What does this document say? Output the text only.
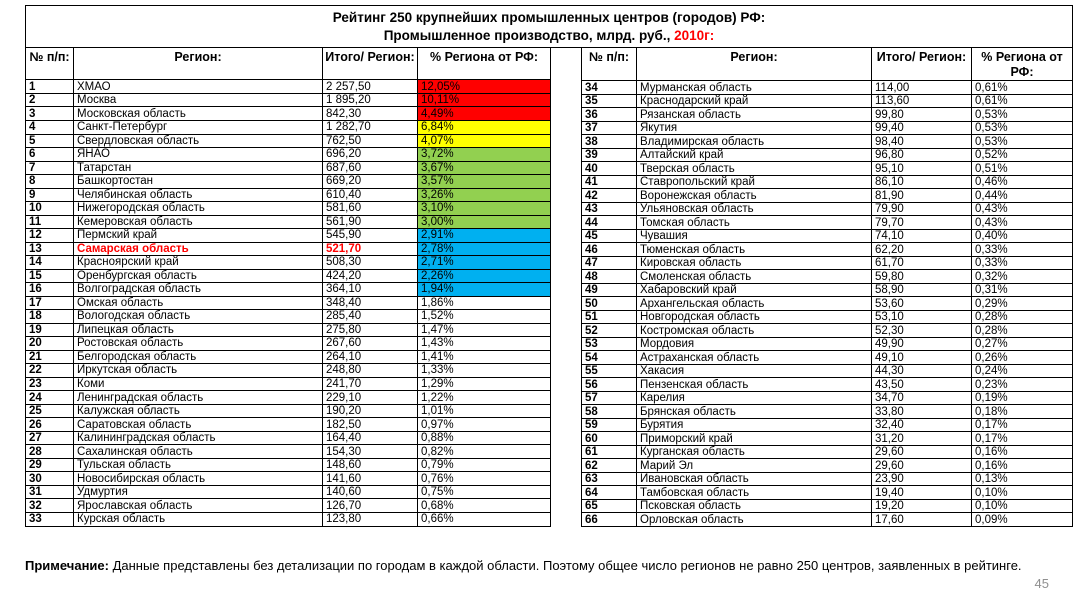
Рейтинг 250 крупнейших промышленных центров (городов) РФ:
Промышленное производство, млрд. руб., 2010г:
№ п/п:	Регион:	Итого/ Регион:	% Региона от РФ:
1	ХМАО	2 257,50	12,05%
2	Москва	1 895,20	10,11%
3	Московская область	842,30	4,49%
4	Санкт-Петербург	1 282,70	6,84%
5	Свердловская область	762,50	4,07%
6	ЯНАО	696,20	3,72%
7	Татарстан	687,60	3,67%
8	Башкортостан	669,20	3,57%
9	Челябинская область	610,40	3,26%
10	Нижегородская область	581,60	3,10%
11	Кемеровская область	561,90	3,00%
12	Пермский край	545,90	2,91%
13	Самарская область	521,70	2,78%
14	Красноярский край	508,30	2,71%
15	Оренбургская область	424,20	2,26%
16	Волгоградская область	364,10	1,94%
17	Омская область	348,40	1,86%
18	Вологодская область	285,40	1,52%
19	Липецкая область	275,80	1,47%
20	Ростовская область	267,60	1,43%
21	Белгородская область	264,10	1,41%
22	Иркутская область	248,80	1,33%
23	Коми	241,70	1,29%
24	Ленинградская область	229,10	1,22%
25	Калужская область	190,20	1,01%
26	Саратовская область	182,50	0,97%
27	Калининградская область	164,40	0,88%
28	Сахалинская область	154,30	0,82%
29	Тульская область	148,60	0,79%
30	Новосибирская область	141,60	0,76%
31	Удмуртия	140,60	0,75%
32	Ярославская область	126,70	0,68%
33	Курская область	123,80	0,66%
№ п/п:	Регион:	Итого/ Регион:	% Региона от РФ:
34	Мурманская область	114,00	0,61%
35	Краснодарский край	113,60	0,61%
36	Рязанская область	99,80	0,53%
37	Якутия	99,40	0,53%
38	Владимирская область	98,40	0,53%
39	Алтайский край	96,80	0,52%
40	Тверская область	95,10	0,51%
41	Ставропольский край	86,10	0,46%
42	Воронежская область	81,90	0,44%
43	Ульяновская область	79,90	0,43%
44	Томская область	79,70	0,43%
45	Чувашия	74,10	0,40%
46	Тюменская область	62,20	0,33%
47	Кировская область	61,70	0,33%
48	Смоленская область	59,80	0,32%
49	Хабаровский край	58,90	0,31%
50	Архангельская область	53,60	0,29%
51	Новгородская область	53,10	0,28%
52	Костромская область	52,30	0,28%
53	Мордовия	49,90	0,27%
54	Астраханская область	49,10	0,26%
55	Хакасия	44,30	0,24%
56	Пензенская область	43,50	0,23%
57	Карелия	34,70	0,19%
58	Брянская область	33,80	0,18%
59	Бурятия	32,40	0,17%
60	Приморский край	31,20	0,17%
61	Курганская область	29,60	0,16%
62	Марий Эл	29,60	0,16%
63	Ивановская область	23,90	0,13%
64	Тамбовская область	19,40	0,10%
65	Псковская область	19,20	0,10%
66	Орловская область	17,60	0,09%
Примечание: Данные представлены без детализации по городам в каждой области. Поэтому общее число регионов не равно 250 центров, заявленных в рейтинге.
45
